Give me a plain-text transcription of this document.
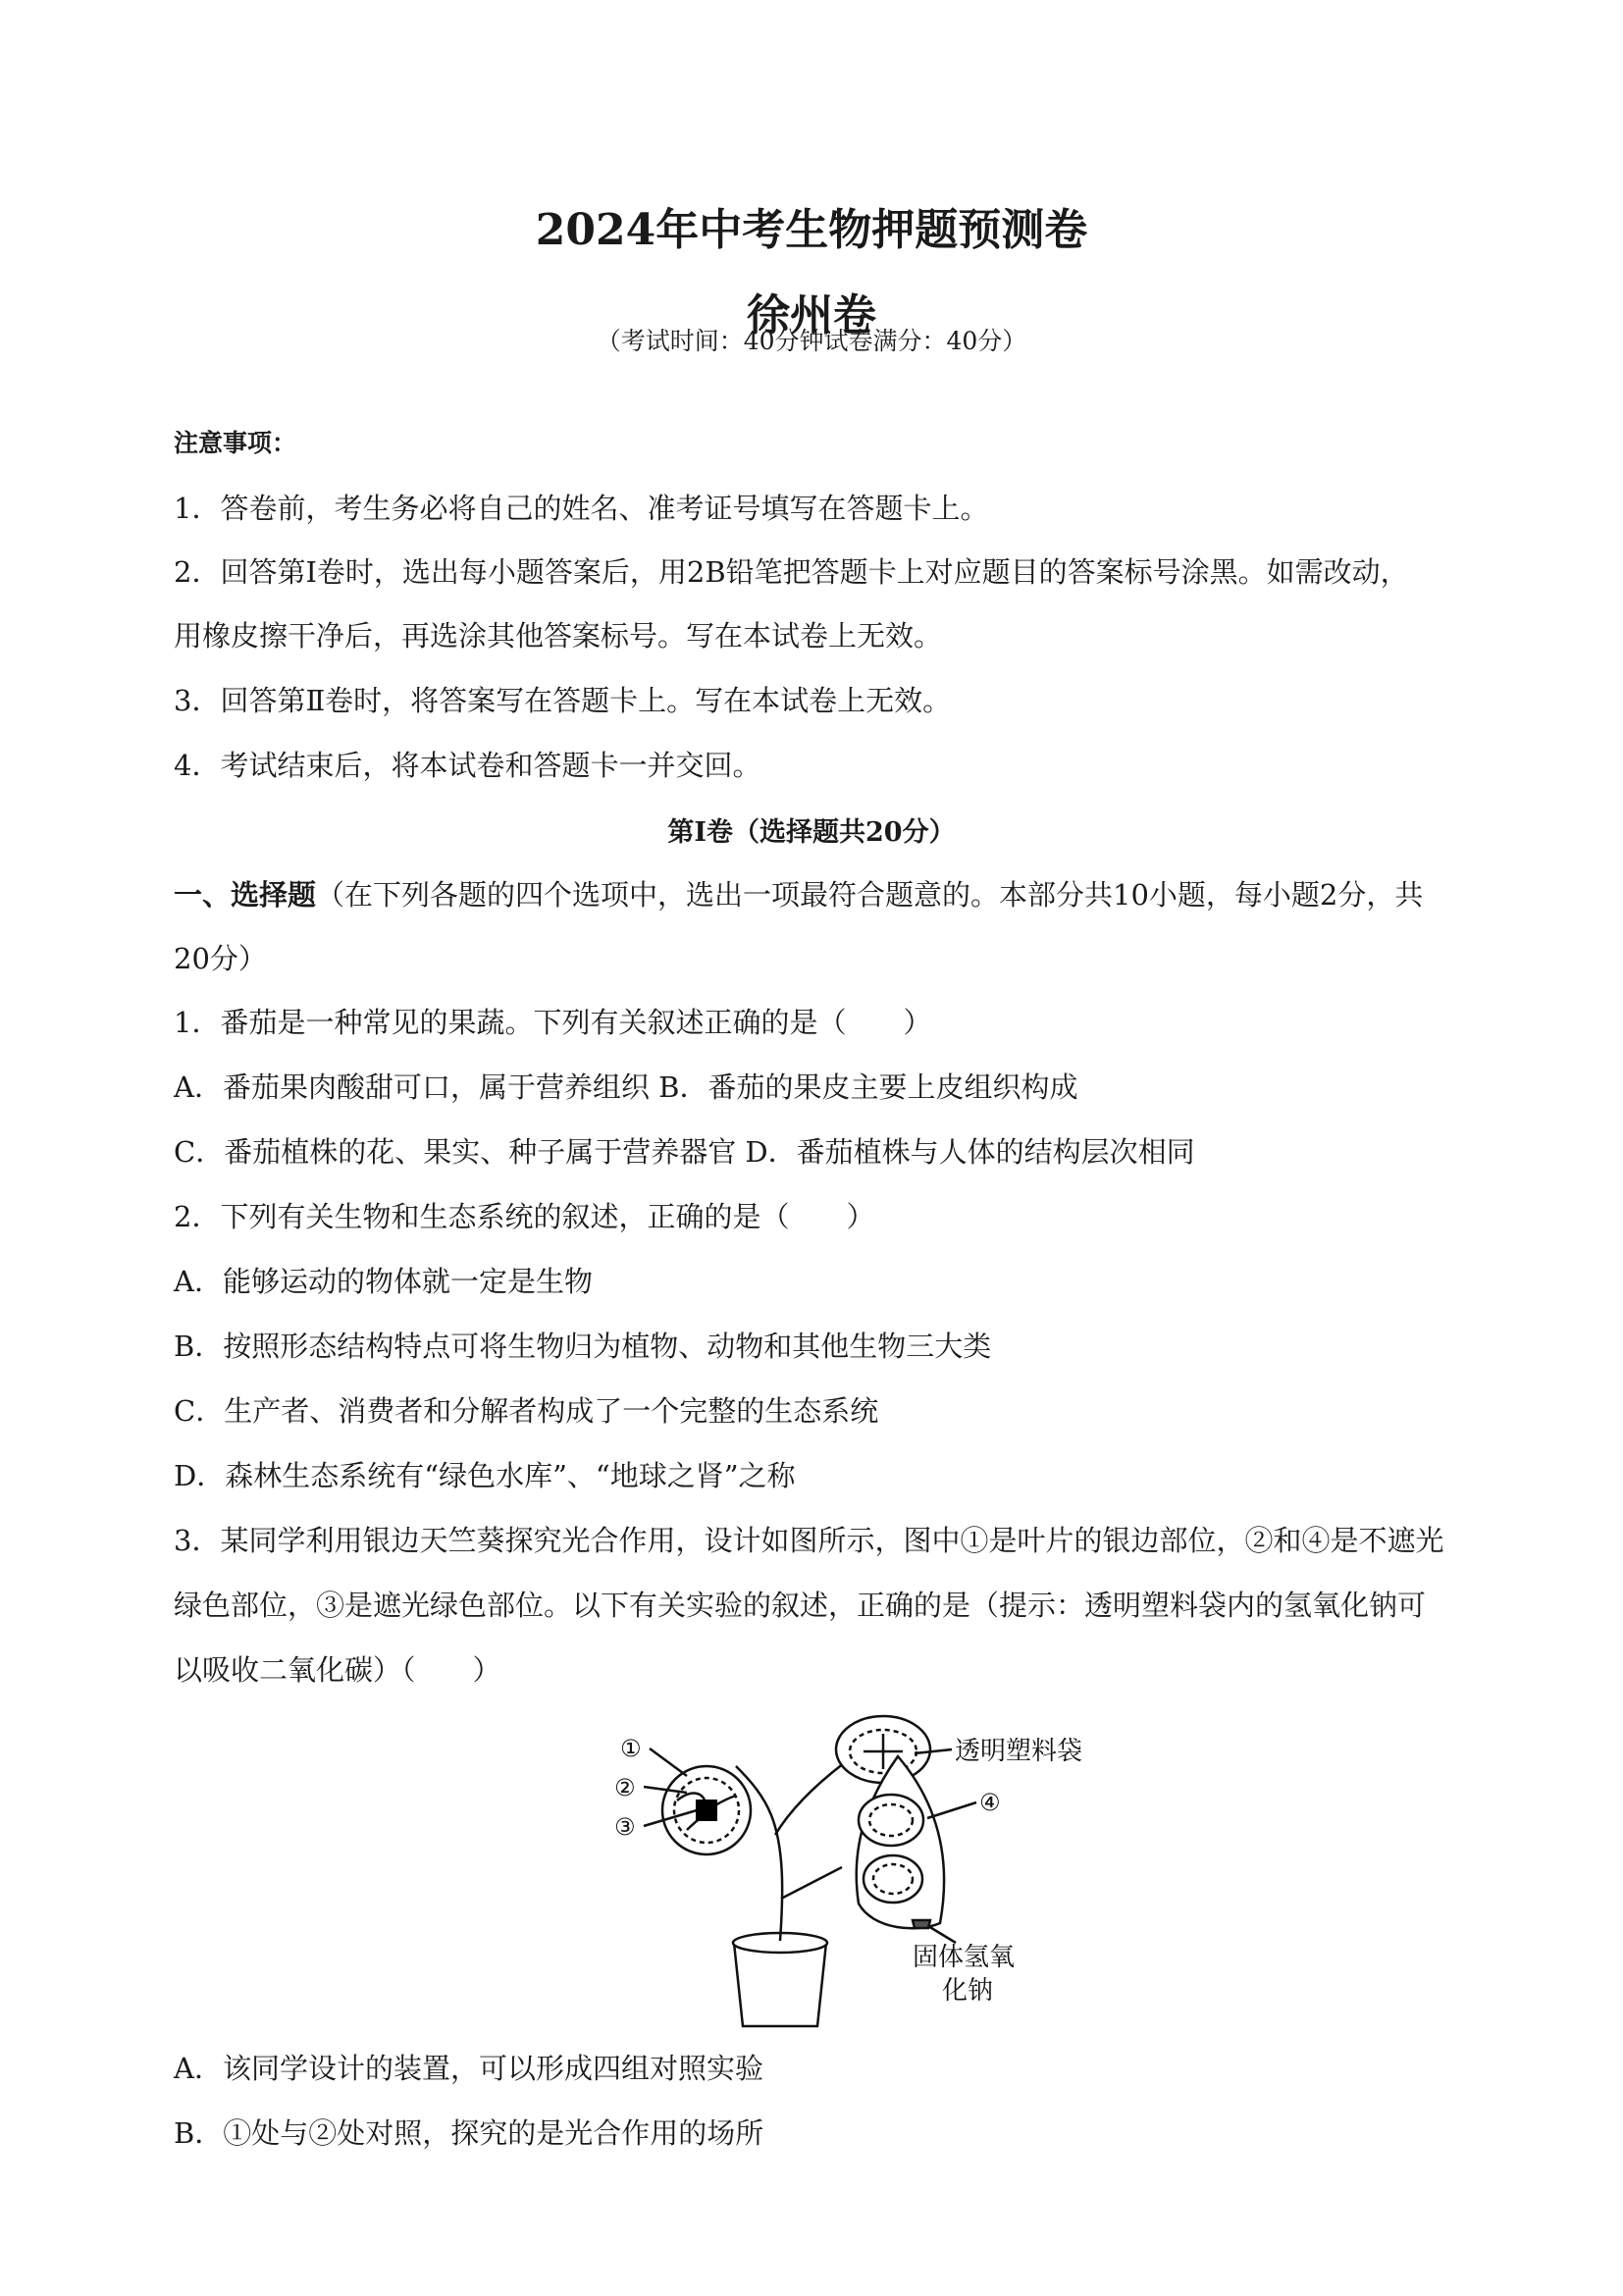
2024年中考生物押题预测卷
徐州卷
（考试时间：40分钟试卷满分：40分）
注意事项：
1．答卷前，考生务必将自己的姓名、准考证号填写在答题卡上。
2．回答第Ⅰ卷时，选出每小题答案后，用2B铅笔把答题卡上对应题目的答案标号涂黑。如需改动，
用橡皮擦干净后，再选涂其他答案标号。写在本试卷上无效。
3．回答第Ⅱ卷时，将答案写在答题卡上。写在本试卷上无效。
4．考试结束后，将本试卷和答题卡一并交回。
第Ⅰ卷（选择题共20分）
一、选择题（在下列各题的四个选项中，选出一项最符合题意的。本部分共10小题，每小题2分，共
20分）
1．番茄是一种常见的果蔬。下列有关叙述正确的是（　　）
A．番茄果肉酸甜可口，属于营养组织 B．番茄的果皮主要上皮组织构成
C．番茄植株的花、果实、种子属于营养器官 D．番茄植株与人体的结构层次相同
2．下列有关生物和生态系统的叙述，正确的是（　　）
A．能够运动的物体就一定是生物
B．按照形态结构特点可将生物归为植物、动物和其他生物三大类
C．生产者、消费者和分解者构成了一个完整的生态系统
D．森林生态系统有“绿色水库”、“地球之肾”之称
3．某同学利用银边天竺葵探究光合作用，设计如图所示，图中①是叶片的银边部位，②和④是不遮光
绿色部位，③是遮光绿色部位。以下有关实验的叙述，正确的是（提示：透明塑料袋内的氢氧化钠可
以吸收二氧化碳）（　　）
①
②
③
④
透明塑料袋
固体氢氧
化钠
A．该同学设计的装置，可以形成四组对照实验
B．①处与②处对照，探究的是光合作用的场所
